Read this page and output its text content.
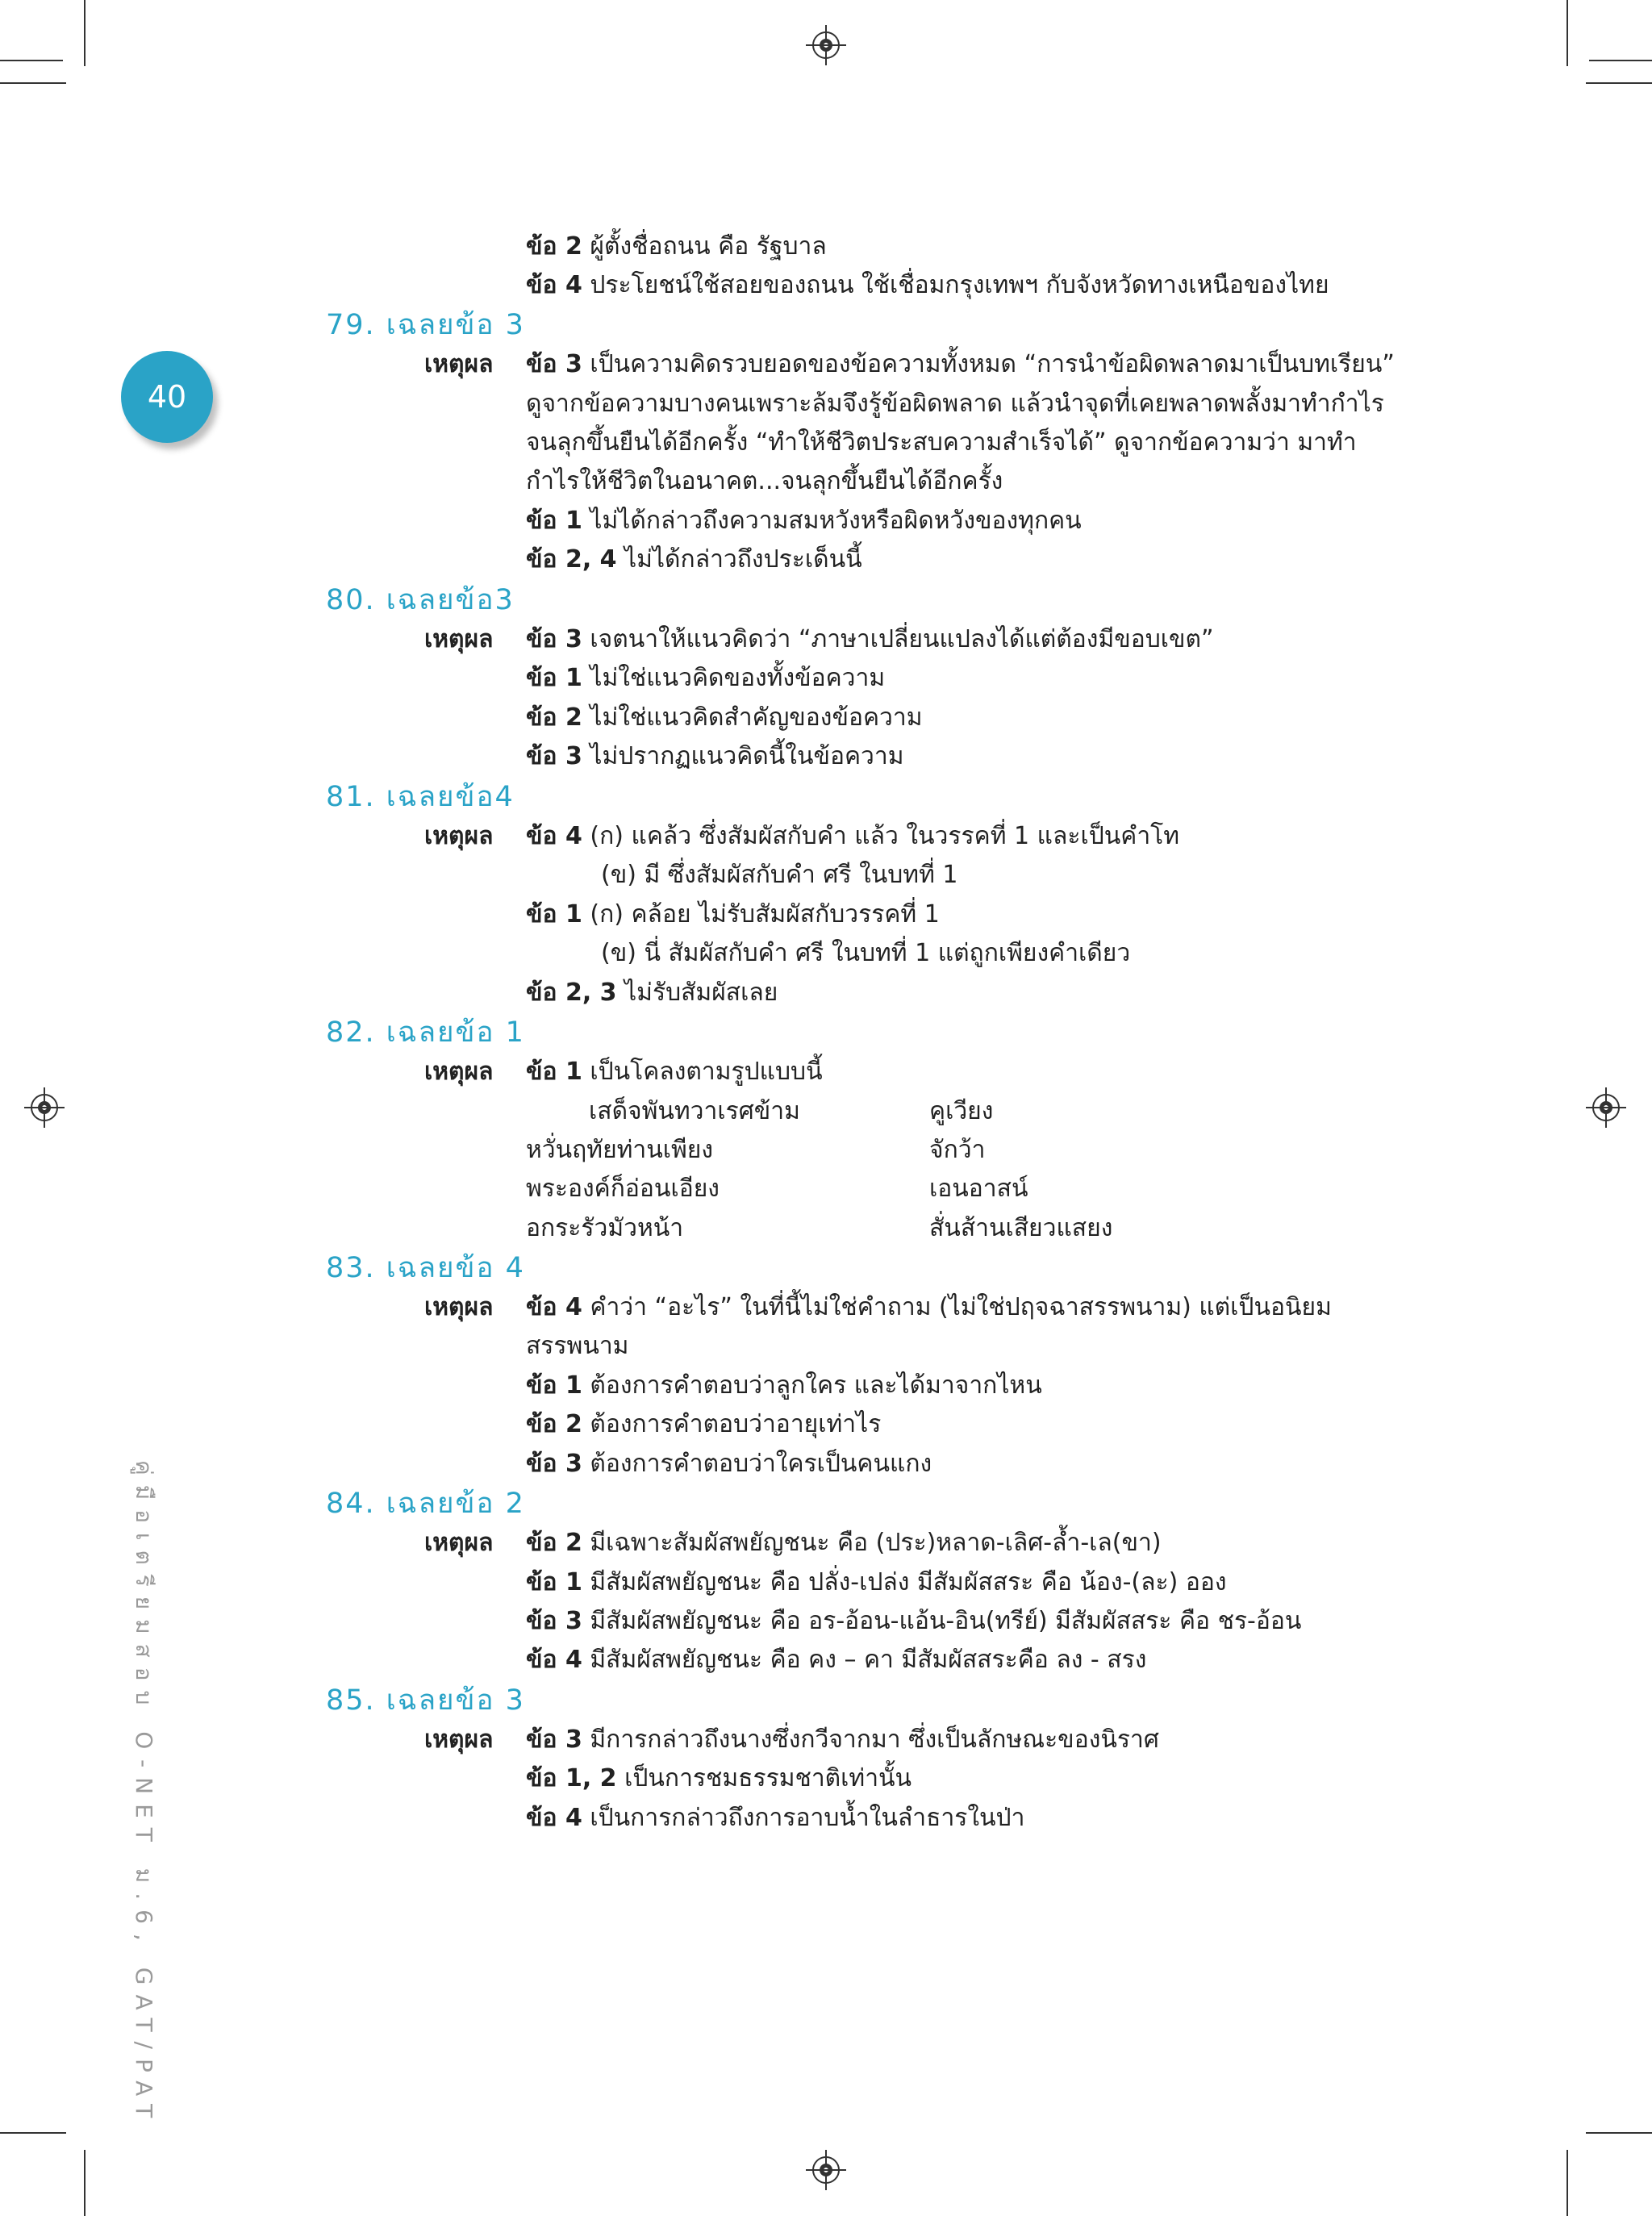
40
คู่มือเตรียมสอบ O-NET ม.6, GAT/PAT
79. เฉลยข้อ 3
80. เฉลยข้อ3
81. เฉลยข้อ4
82. เฉลยข้อ 1
83. เฉลยข้อ 4
84. เฉลยข้อ 2
85. เฉลยข้อ 3
ข้อ 2 ผู้ตั้งชื่อถนน คือ รัฐบาล
ข้อ 4 ประโยชน์ใช้สอยของถนน ใช้เชื่อมกรุงเทพฯ กับจังหวัดทางเหนือของไทย
เหตุผล ข้อ 3 เป็นความคิดรวบยอดของข้อความทั้งหมด “การนำข้อผิดพลาดมาเป็นบทเรียน”
ดูจากข้อความบางคนเพราะล้มจึงรู้ข้อผิดพลาด แล้วนำจุดที่เคยพลาดพลั้งมาทำกำไร
จนลุกขึ้นยืนได้อีกครั้ง “ทำให้ชีวิตประสบความสำเร็จได้” ดูจากข้อความว่า มาทำ
กำไรให้ชีวิตในอนาคต...จนลุกขึ้นยืนได้อีกครั้ง
ข้อ 1 ไม่ได้กล่าวถึงความสมหวังหรือผิดหวังของทุกคน
ข้อ 2, 4 ไม่ได้กล่าวถึงประเด็นนี้
เหตุผล ข้อ 3 เจตนาให้แนวคิดว่า “ภาษาเปลี่ยนแปลงได้แต่ต้องมีขอบเขต”
ข้อ 1 ไม่ใช่แนวคิดของทั้งข้อความ
ข้อ 2 ไม่ใช่แนวคิดสำคัญของข้อความ
ข้อ 3 ไม่ปรากฏแนวคิดนี้ในข้อความ
เหตุผล ข้อ 4 (ก) แคล้ว ซึ่งสัมผัสกับคำ แล้ว ในวรรคที่ 1 และเป็นคำโท
(ข) มี ซึ่งสัมผัสกับคำ ศรี ในบทที่ 1
ข้อ 1 (ก) คล้อย ไม่รับสัมผัสกับวรรคที่ 1
(ข) นี่ สัมผัสกับคำ ศรี ในบทที่ 1 แต่ถูกเพียงคำเดียว
ข้อ 2, 3 ไม่รับสัมผัสเลย
เหตุผล ข้อ 1 เป็นโคลงตามรูปแบบนี้
เสด็จพันทวาเรศข้าม	คูเวียง
หวั่นฤทัยท่านเพียง	จักว้า
พระองค์ก็อ่อนเอียง	เอนอาสน์
อกระรัวมัวหน้า	สั่นส้านเสียวแสยง
เหตุผล ข้อ 4 คำว่า “อะไร” ในที่นี้ไม่ใช่คำถาม (ไม่ใช่ปฤจฉาสรรพนาม) แต่เป็นอนิยม
สรรพนาม
ข้อ 1 ต้องการคำตอบว่าลูกใคร และได้มาจากไหน
ข้อ 2 ต้องการคำตอบว่าอายุเท่าไร
ข้อ 3 ต้องการคำตอบว่าใครเป็นคนแกง
เหตุผล ข้อ 2 มีเฉพาะสัมผัสพยัญชนะ คือ (ประ)หลาด-เลิศ-ล้ำ-เล(ขา)
ข้อ 1 มีสัมผัสพยัญชนะ คือ ปลั่ง-เปล่ง มีสัมผัสสระ คือ น้อง-(ละ) ออง
ข้อ 3 มีสัมผัสพยัญชนะ คือ อร-อ้อน-แอ้น-อิน(ทรีย์) มีสัมผัสสระ คือ ชร-อ้อน
ข้อ 4 มีสัมผัสพยัญชนะ คือ คง – คา มีสัมผัสสระคือ ลง - สรง
เหตุผล ข้อ 3 มีการกล่าวถึงนางซึ่งกวีจากมา ซึ่งเป็นลักษณะของนิราศ
ข้อ 1, 2 เป็นการชมธรรมชาติเท่านั้น
ข้อ 4 เป็นการกล่าวถึงการอาบน้ำในลำธารในป่า
